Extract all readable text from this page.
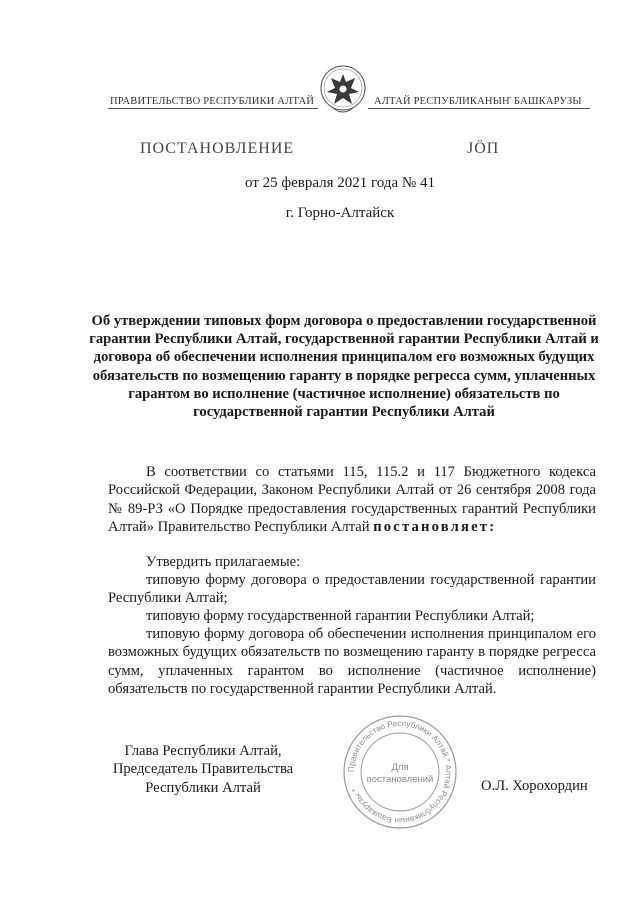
ПРАВИТЕЛЬСТВО РЕСПУБЛИКИ АЛТАЙ	АЛТАЙ РЕСПУБЛИКАНЫҤ БАШКАРУЗЫ
ПОСТАНОВЛЕНИЕ	ЈÖП
от 25 февраля 2021 года № 41
г. Горно-Алтайск
Об утверждении типовых форм договора о предоставлении государственной гарантии Республики Алтай, государственной гарантии Республики Алтай и договора об обеспечении исполнения принципалом его возможных будущих обязательств по возмещению гаранту в порядке регресса сумм, уплаченных гарантом во исполнение (частичное исполнение) обязательств по государственной гарантии Республики Алтай

В соответствии со статьями 115, 115.2 и 117 Бюджетного кодекса Российской Федерации, Законом Республики Алтай от 26 сентября 2008 года № 89-РЗ «О Порядке предоставления государственных гарантий Республики Алтай» Правительство Республики Алтай постановляет:

Утвердить прилагаемые:

типовую форму договора о предоставлении государственной гарантии Республики Алтай;

типовую форму государственной гарантии Республики Алтай;

типовую форму договора об обеспечении исполнения принципалом его возможных будущих обязательств по возмещению гаранту в порядке регресса сумм, уплаченных гарантом во исполнение (частичное исполнение) обязательств по государственной гарантии Республики Алтай.

Глава Республики Алтай,
Председатель Правительства
Республики Алтай	О.Л. Хорохордин
Правительство Республики Алтай * Алтай Республиканын Башкарузы *
Для
постановлений
